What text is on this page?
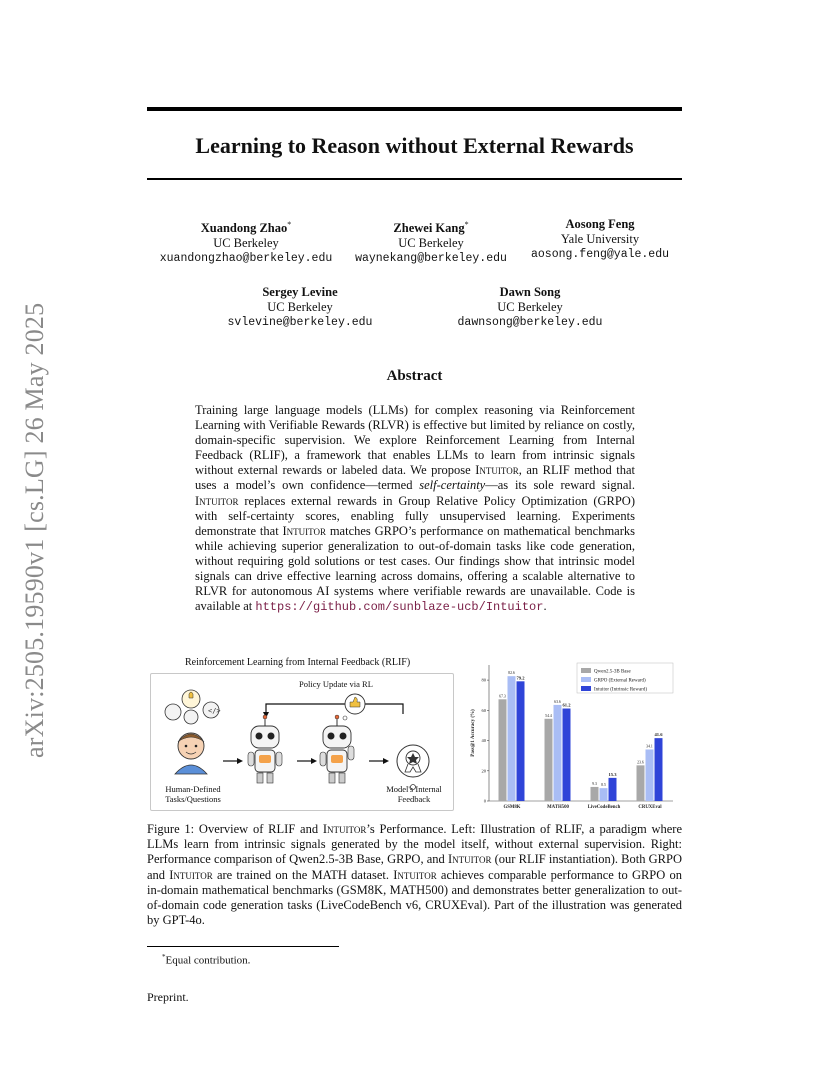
arXiv:2505.19590v1 [cs.LG] 26 May 2025
Learning to Reason without External Rewards
Xuandong Zhao*
UC Berkeley
xuandongzhao@berkeley.edu
Zhewei Kang*
UC Berkeley
waynekang@berkeley.edu
Aosong Feng
Yale University
aosong.feng@yale.edu
Sergey Levine
UC Berkeley
svlevine@berkeley.edu
Dawn Song
UC Berkeley
dawnsong@berkeley.edu
Abstract
Training large language models (LLMs) for complex reasoning via Reinforcement Learning with Verifiable Rewards (RLVR) is effective but limited by reliance on costly, domain-specific supervision. We explore Reinforcement Learning from Internal Feedback (RLIF), a framework that enables LLMs to learn from intrinsic signals without external rewards or labeled data. We propose Intuitor, an RLIF method that uses a model’s own confidence—termed self-certainty—as its sole reward signal. Intuitor replaces external rewards in Group Relative Policy Optimization (GRPO) with self-certainty scores, enabling fully unsupervised learning. Experiments demonstrate that Intuitor matches GRPO’s performance on mathematical benchmarks while achieving superior generalization to out-of-domain tasks like code generation, without requiring gold solutions or test cases. Our findings show that intrinsic model signals can drive effective learning across domains, offering a scalable alternative to RLVR for autonomous AI systems where verifiable rewards are unavailable. Code is available at https://github.com/sunblaze-ucb/Intuitor.
Reinforcement Learning from Internal Feedback (RLIF)
</>
Policy Update via RL
Human-Defined
Tasks/Questions
Model's Internal
Feedback	0
20
40
60
80
Pass@1 Accuracy (%)
67.3
82.6
79.2
GSM8K
54.4
63.6
61.2
MATH500
9.3 8.5
15.3
LiveCodeBench
23.6
34.1
41.6
CRUXEval
Qwen2.5-3B Base
GRPO (External Reward)
Intuitor (Intrinsic Reward)
Figure 1: Overview of RLIF and Intuitor’s Performance. Left: Illustration of RLIF, a paradigm where LLMs learn from intrinsic signals generated by the model itself, without external supervision. Right: Performance comparison of Qwen2.5-3B Base, GRPO, and Intuitor (our RLIF instantiation). Both GRPO and Intuitor are trained on the MATH dataset. Intuitor achieves comparable performance to GRPO on in-domain mathematical benchmarks (GSM8K, MATH500) and demonstrates better generalization to out-of-domain code generation tasks (LiveCodeBench v6, CRUXEval). Part of the illustration was generated by GPT-4o.
*Equal contribution.
Preprint.
